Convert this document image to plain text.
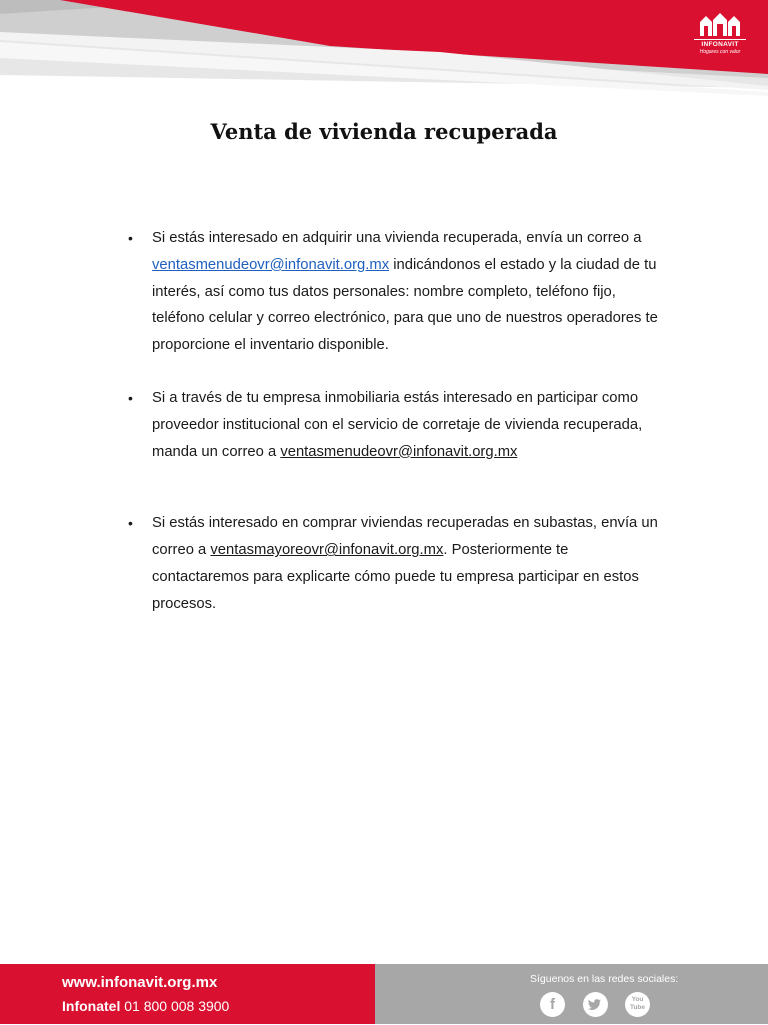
INFONAVIT
Hogares con valor
Venta de vivienda recuperada

• Si estás interesado en adquirir una vivienda recuperada, envía un correo a ventasmenudeovr@infonavit.org.mx indicándonos el estado y la ciudad de tu interés, así como tus datos personales: nombre completo, teléfono fijo, teléfono celular y correo electrónico, para que uno de nuestros operadores te proporcione el inventario disponible.

• Si a través de tu empresa inmobiliaria estás interesado en participar como proveedor institucional con el servicio de corretaje de vivienda recuperada, manda un correo a ventasmenudeovr@infonavit.org.mx

• Si estás interesado en comprar viviendas recuperadas en subastas, envía un correo a ventasmayoreovr@infonavit.org.mx. Posteriormente te contactaremos para explicarte cómo puede tu empresa participar en estos procesos.

www.infonavit.org.mx
Infonatel 01 800 008 3900
Síguenos en las redes sociales:
f	You Tube
